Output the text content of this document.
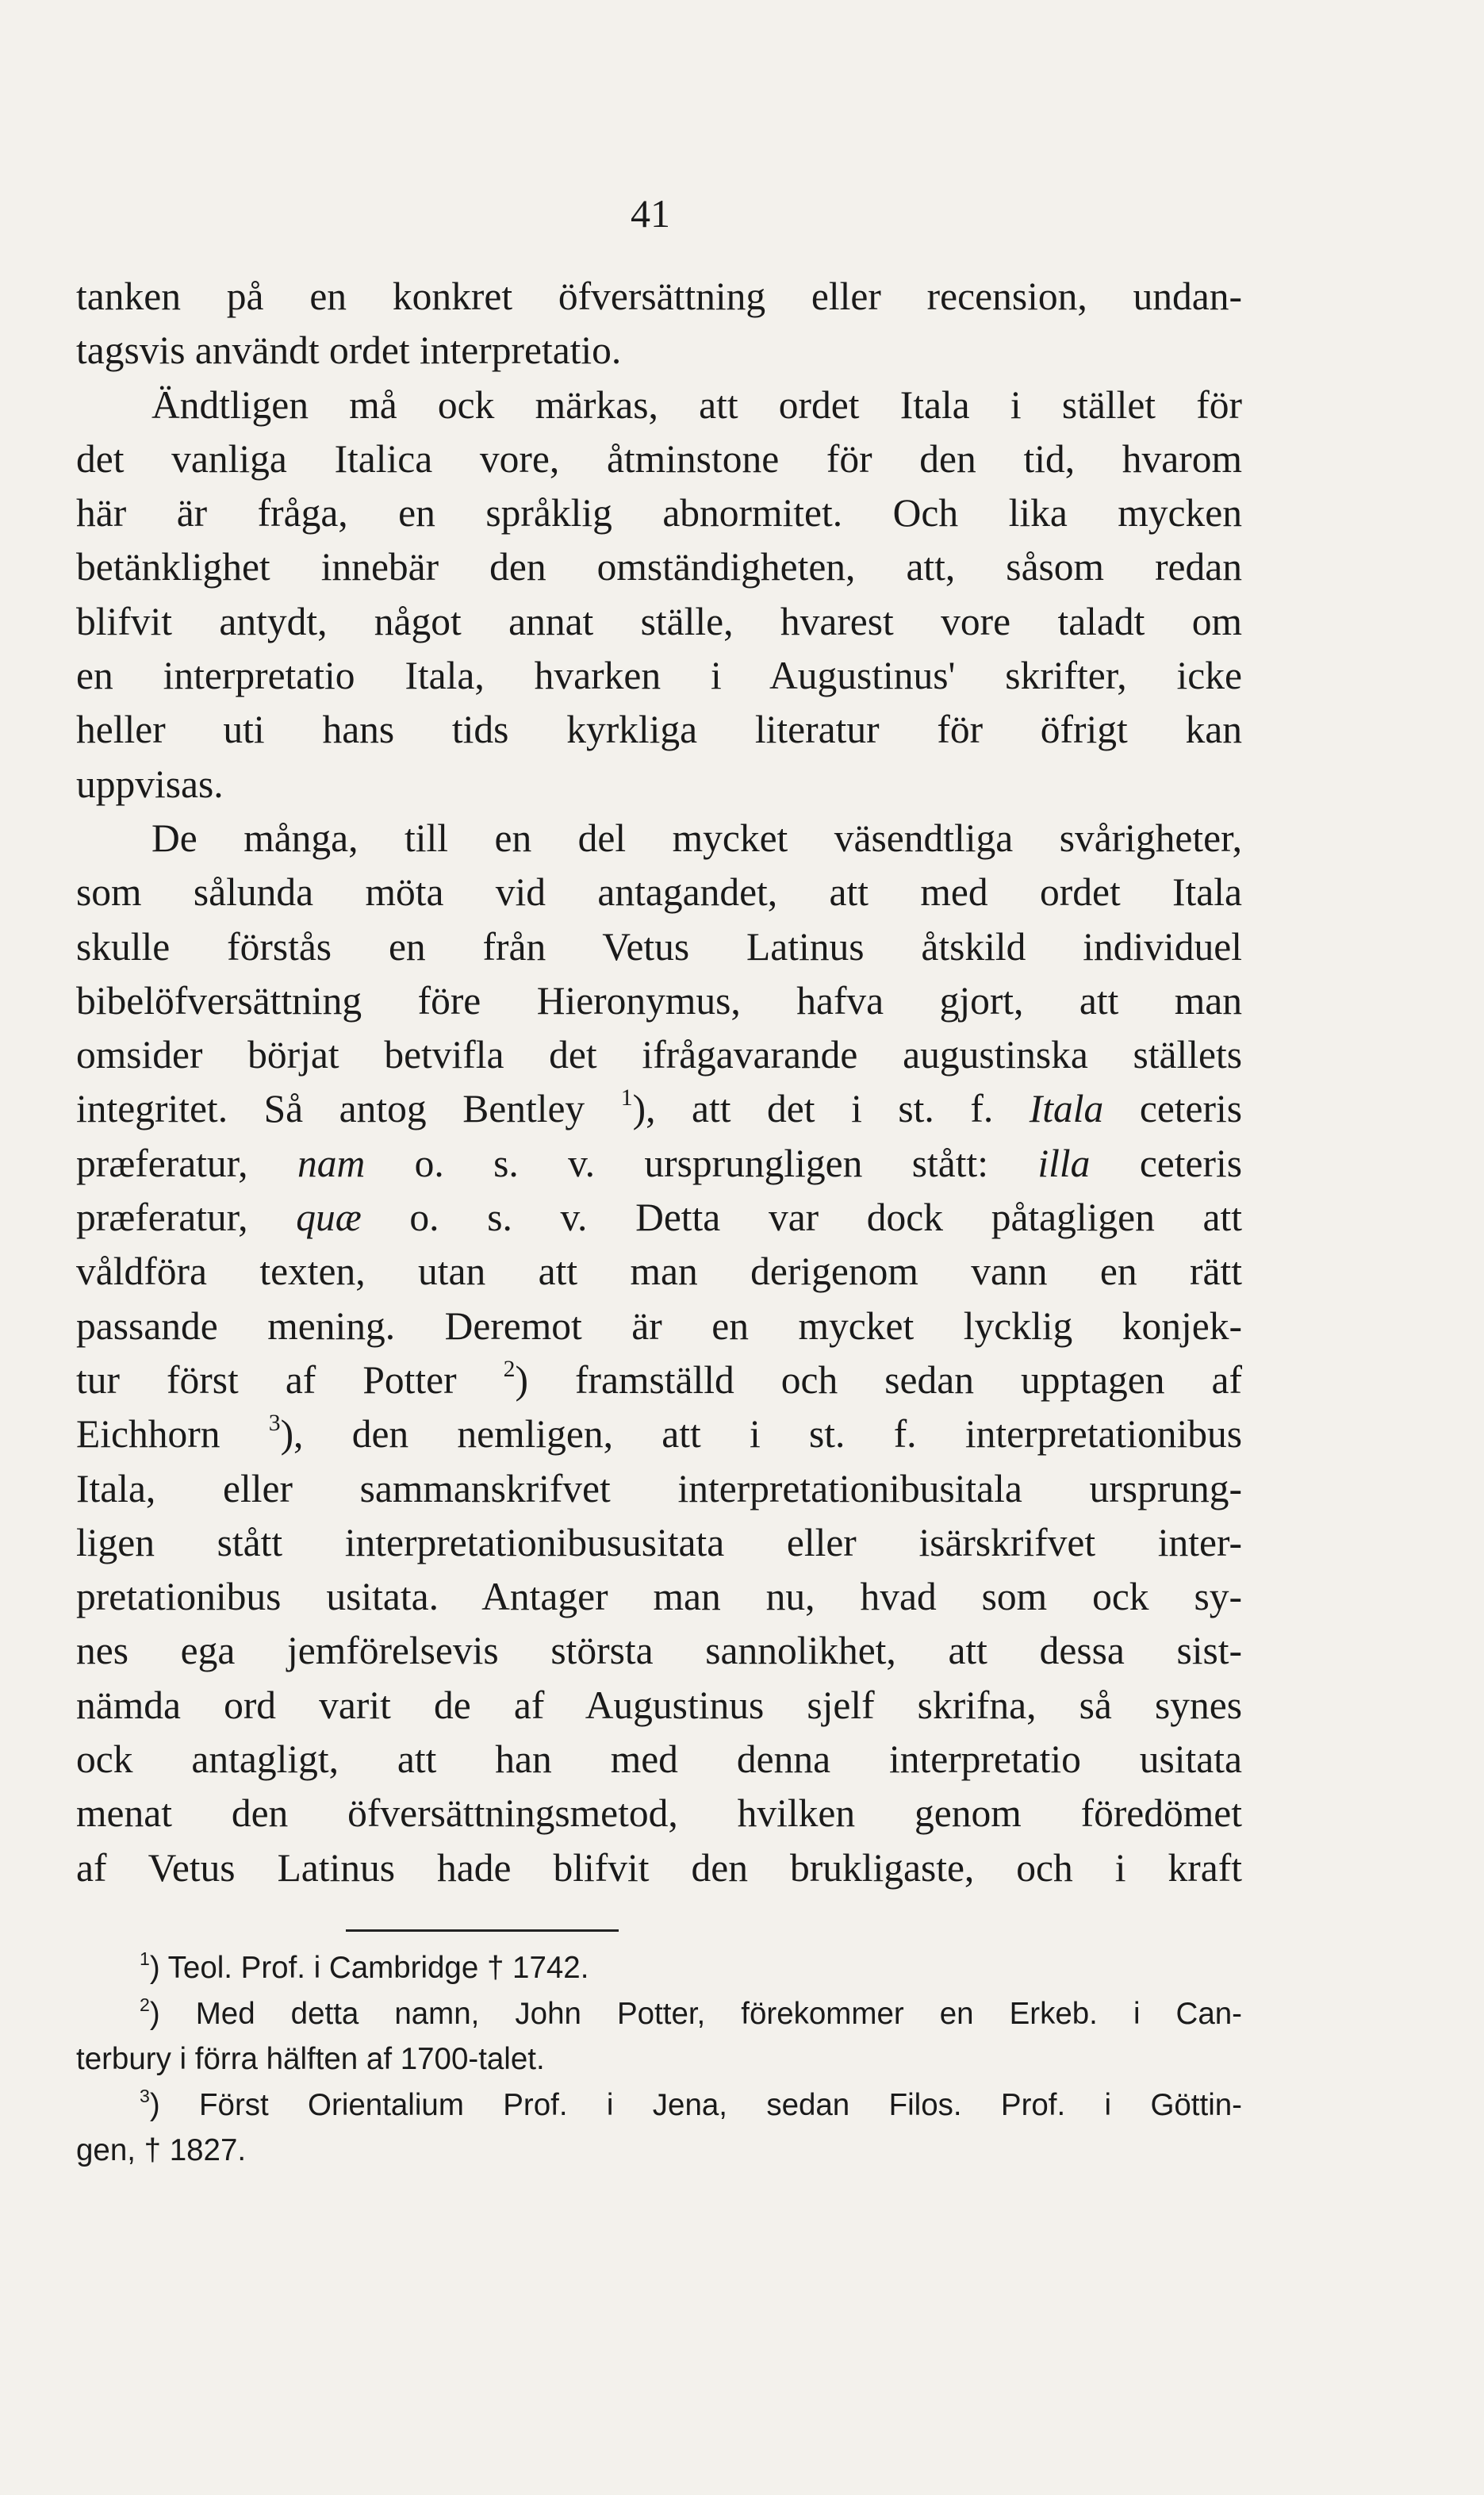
41
tanken på en konkret öfversättning eller recension, undan-
tagsvis användt ordet interpretatio.
Ändtligen må ock märkas, att ordet Itala i stället för
det vanliga Italica vore, åtminstone för den tid, hvarom
här är fråga, en språklig abnormitet. Och lika mycken
betänklighet innebär den omständigheten, att, såsom redan
blifvit antydt, något annat ställe, hvarest vore taladt om
en interpretatio Itala, hvarken i Augustinus' skrifter, icke
heller uti hans tids kyrkliga literatur för öfrigt kan
uppvisas.
De många, till en del mycket väsendtliga svårigheter,
som sålunda möta vid antagandet, att med ordet Itala
skulle förstås en från Vetus Latinus åtskild individuel
bibelöfversättning före Hieronymus, hafva gjort, att man
omsider börjat betvifla det ifrågavarande augustinska ställets
integritet. Så antog Bentley $^1$), att det i st. f. Itala ceteris
præferatur, nam o. s. v. ursprungligen stått: illa ceteris
præferatur, quæ o. s. v. Detta var dock påtagligen att
våldföra texten, utan att man derigenom vann en rätt
passande mening. Deremot är en mycket lycklig konjek-
tur först af Potter $^2$) framställd och sedan upptagen af
Eichhorn $^3$), den nemligen, att i st. f. interpretationibus
Itala, eller sammanskrifvet interpretationibusitala ursprung-
ligen stått interpretationibususitata eller isärskrifvet inter-
pretationibus usitata. Antager man nu, hvad som ock sy-
nes ega jemförelsevis största sannolikhet, att dessa sist-
nämda ord varit de af Augustinus sjelf skrifna, så synes
ock antagligt, att han med denna interpretatio usitata
menat den öfversättningsmetod, hvilken genom föredömet
af Vetus Latinus hade blifvit den brukligaste, och i kraft
$^1$) Teol. Prof. i Cambridge † 1742.
$^2$) Med detta namn, John Potter, förekommer en Erkeb. i Can-
terbury i förra hälften af 1700-talet.
$^3$) Först Orientalium Prof. i Jena, sedan Filos. Prof. i Göttin-
gen, † 1827.
